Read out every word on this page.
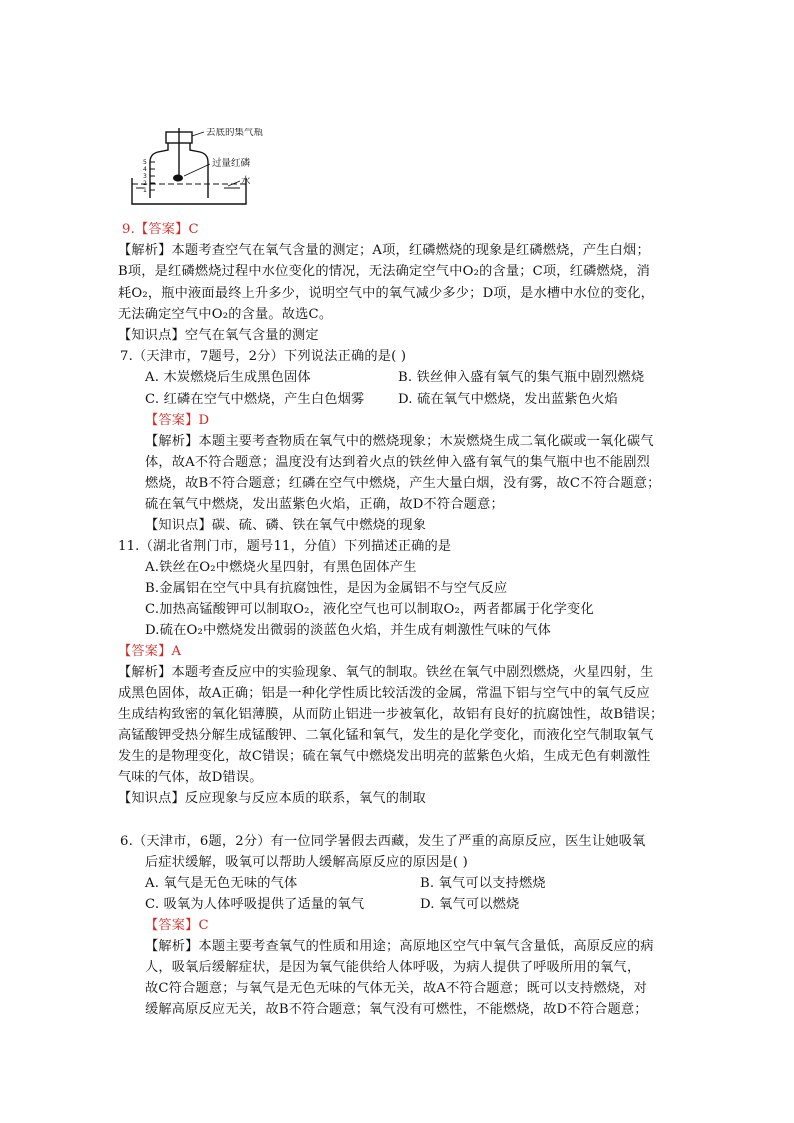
5
4
3
2
1
去底的集气瓶
过量红磷
水
9.【答案】C
【解析】本题考查空气在氧气含量的测定；A项，红磷燃烧的现象是红磷燃烧，产生白烟；
B项，是红磷燃烧过程中水位变化的情况，无法确定空气中O₂的含量；C项，红磷燃烧，消
耗O₂，瓶中液面最终上升多少，说明空气中的氧气减少多少；D项，是水槽中水位的变化，
无法确定空气中O₂的含量。故选C。
【知识点】空气在氧气含量的测定
7.（天津市，7题号，2分）下列说法正确的是( )
A. 木炭燃烧后生成黑色固体	B. 铁丝伸入盛有氧气的集气瓶中剧烈燃烧
C. 红磷在空气中燃烧，产生白色烟雾	D. 硫在氧气中燃烧，发出蓝紫色火焰
【答案】D
【解析】本题主要考查物质在氧气中的燃烧现象；木炭燃烧生成二氧化碳或一氧化碳气
体，故A不符合题意；温度没有达到着火点的铁丝伸入盛有氧气的集气瓶中也不能剧烈
燃烧，故B不符合题意；红磷在空气中燃烧，产生大量白烟，没有雾，故C不符合题意；
硫在氧气中燃烧，发出蓝紫色火焰，正确，故D不符合题意；
【知识点】碳、硫、磷、铁在氧气中燃烧的现象
11.（湖北省荆门市，题号11，分值）下列描述正确的是
A.铁丝在O₂中燃烧火星四射，有黑色固体产生
B.金属铝在空气中具有抗腐蚀性，是因为金属铝不与空气反应
C.加热高锰酸钾可以制取O₂，液化空气也可以制取O₂，两者都属于化学变化
D.硫在O₂中燃烧发出微弱的淡蓝色火焰，并生成有刺激性气味的气体
【答案】A
【解析】本题考查反应中的实验现象、氧气的制取。铁丝在氧气中剧烈燃烧，火星四射，生
成黑色固体，故A正确；铝是一种化学性质比较活泼的金属，常温下铝与空气中的氧气反应
生成结构致密的氧化铝薄膜，从而防止铝进一步被氧化，故铝有良好的抗腐蚀性，故B错误；
高锰酸钾受热分解生成锰酸钾、二氧化锰和氧气，发生的是化学变化，而液化空气制取氧气
发生的是物理变化，故C错误；硫在氧气中燃烧发出明亮的蓝紫色火焰，生成无色有刺激性
气味的气体，故D错误。
【知识点】反应现象与反应本质的联系，氧气的制取
6.（天津市，6题，2分）有一位同学暑假去西藏，发生了严重的高原反应，医生让她吸氧
后症状缓解，吸氧可以帮助人缓解高原反应的原因是( )
A. 氧气是无色无味的气体	B. 氧气可以支持燃烧
C. 吸氧为人体呼吸提供了适量的氧气	D. 氧气可以燃烧
【答案】C
【解析】本题主要考查氧气的性质和用途；高原地区空气中氧气含量低，高原反应的病
人，吸氧后缓解症状，是因为氧气能供给人体呼吸，为病人提供了呼吸所用的氧气，
故C符合题意；与氧气是无色无味的气体无关，故A不符合题意；既可以支持燃烧，对
缓解高原反应无关，故B不符合题意；氧气没有可燃性，不能燃烧，故D不符合题意；
